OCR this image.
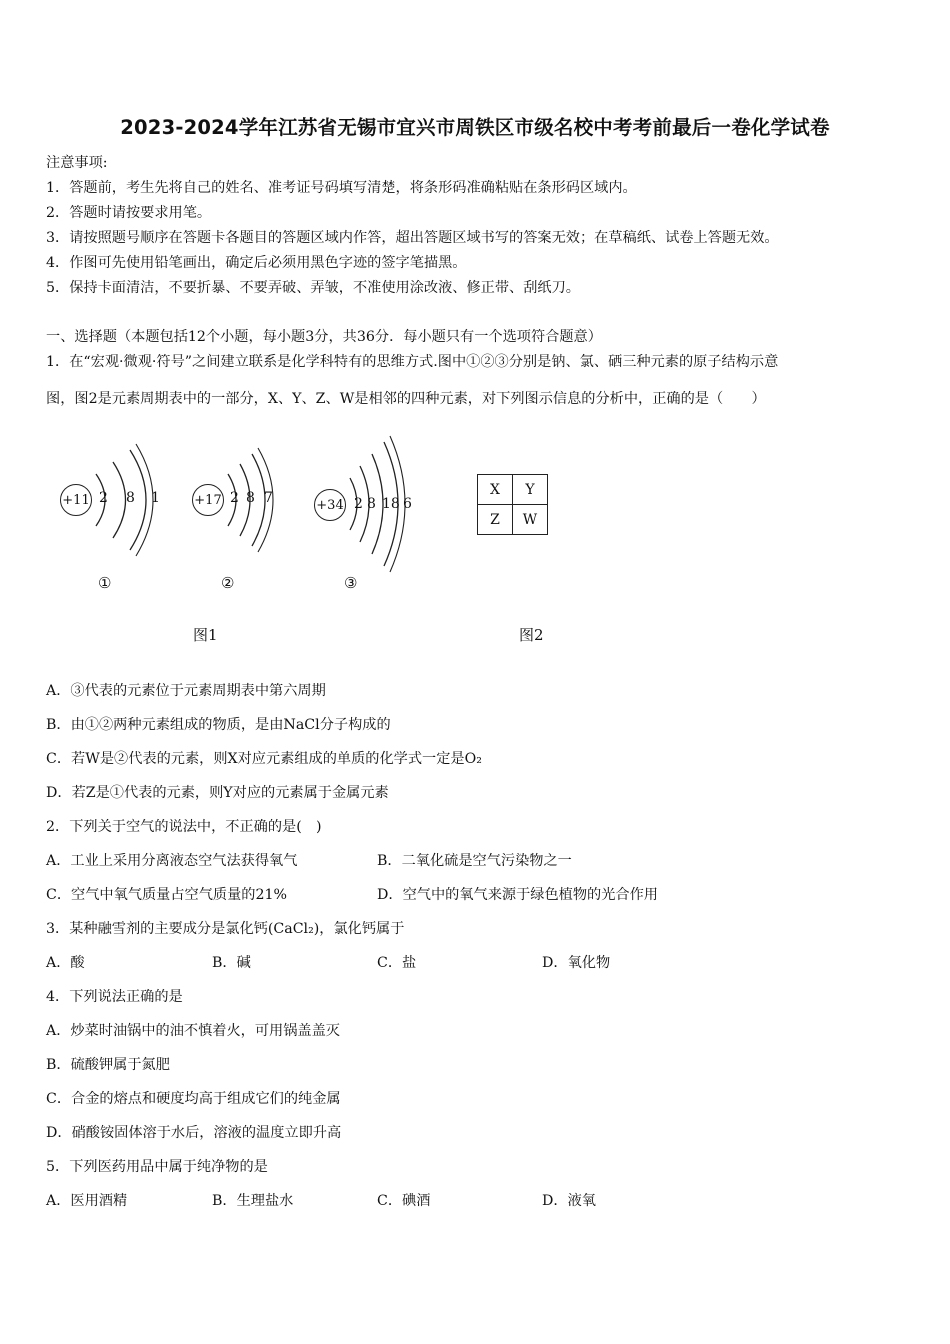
2023-2024学年江苏省无锡市宜兴市周铁区市级名校中考考前最后一卷化学试卷
注意事项:
1．答题前，考生先将自己的姓名、准考证号码填写清楚，将条形码准确粘贴在条形码区域内。
2．答题时请按要求用笔。
3．请按照题号顺序在答题卡各题目的答题区域内作答，超出答题区域书写的答案无效；在草稿纸、试卷上答题无效。
4．作图可先使用铅笔画出，确定后必须用黑色字迹的签字笔描黑。
5．保持卡面清洁，不要折暴、不要弄破、弄皱，不准使用涂改液、修正带、刮纸刀。
一、选择题（本题包括12个小题，每小题3分，共36分．每小题只有一个选项符合题意）
1．在“宏观·微观·符号”之间建立联系是化学科特有的思维方式.图中①②③分别是钠、氯、硒三种元素的原子结构示意
图，图2是元素周期表中的一部分，X、Y、Z、W是相邻的四种元素，对下列图示信息的分析中，正确的是（　　）
+11 2 8 1
①
+17 2 8 7
②
+34 2 8 18 6
③
X	Y
Z	W
图1	图2
A．③代表的元素位于元素周期表中第六周期
B．由①②两种元素组成的物质，是由NaCl分子构成的
C．若W是②代表的元素，则X对应元素组成的单质的化学式一定是O₂
D．若Z是①代表的元素，则Y对应的元素属于金属元素
2．下列关于空气的说法中，不正确的是(　)
A．工业上采用分离液态空气法获得氧气	B．二氧化硫是空气污染物之一
C．空气中氧气质量占空气质量的21%	D．空气中的氧气来源于绿色植物的光合作用
3．某种融雪剂的主要成分是氯化钙(CaCl₂)，氯化钙属于
A．酸	B．碱	C．盐	D．氧化物
4．下列说法正确的是
A．炒菜时油锅中的油不慎着火，可用锅盖盖灭
B．硫酸钾属于氮肥
C．合金的熔点和硬度均高于组成它们的纯金属
D．硝酸铵固体溶于水后，溶液的温度立即升高
5．下列医药用品中属于纯净物的是
A．医用酒精	B．生理盐水	C．碘酒	D．液氧
